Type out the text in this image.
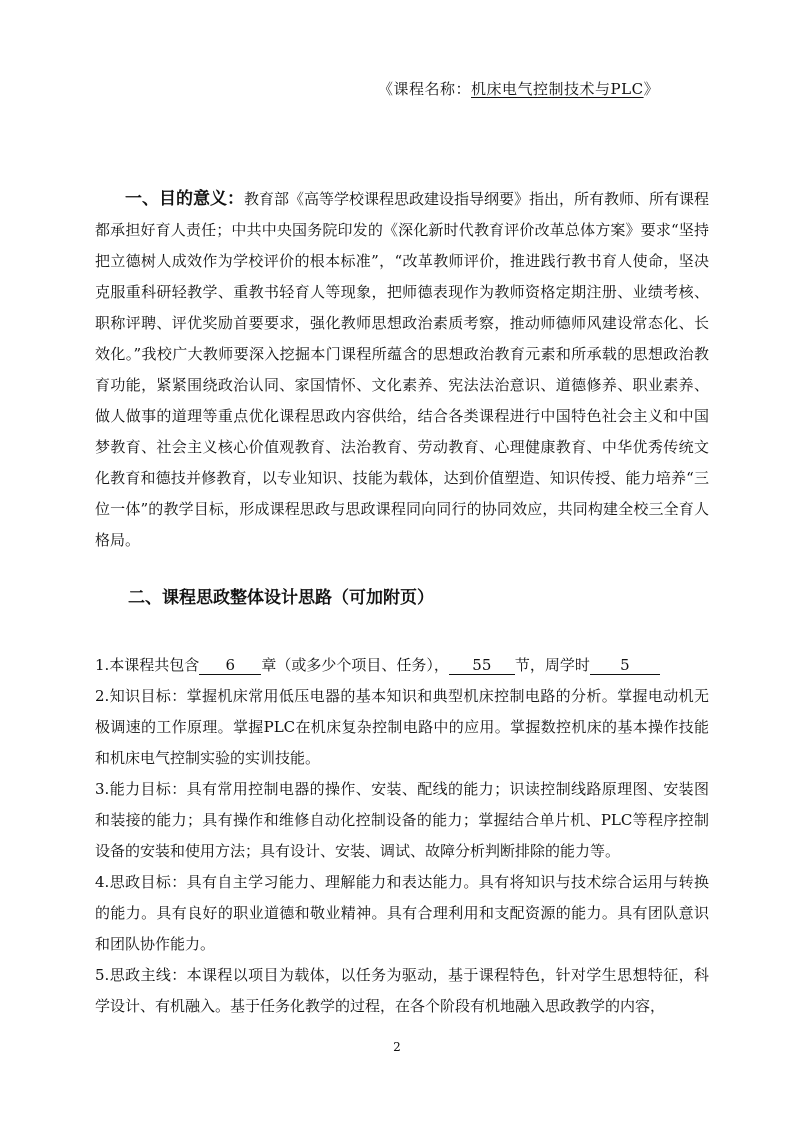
《课程名称：机床电气控制技术与PLC》
一、目的意义：教育部《高等学校课程思政建设指导纲要》指出，所有教师、所有课程都承担好育人责任；中共中央国务院印发的《深化新时代教育评价改革总体方案》要求“坚持把立德树人成效作为学校评价的根本标准”，“改革教师评价，推进践行教书育人使命，坚决克服重科研轻教学、重教书轻育人等现象，把师德表现作为教师资格定期注册、业绩考核、职称评聘、评优奖励首要要求，强化教师思想政治素质考察，推动师德师风建设常态化、长效化。”我校广大教师要深入挖掘本门课程所蕴含的思想政治教育元素和所承载的思想政治教育功能，紧紧围绕政治认同、家国情怀、文化素养、宪法法治意识、道德修养、职业素养、做人做事的道理等重点优化课程思政内容供给，结合各类课程进行中国特色社会主义和中国梦教育、社会主义核心价值观教育、法治教育、劳动教育、心理健康教育、中华优秀传统文化教育和德技并修教育，以专业知识、技能为载体，达到价值塑造、知识传授、能力培养“三位一体”的教学目标，形成课程思政与思政课程同向同行的协同效应，共同构建全校三全育人格局。
二、课程思政整体设计思路（可加附页）

1.本课程共包含 6 章（或多少个项目、任务）， 55 节，周学时 5

2.知识目标：掌握机床常用低压电器的基本知识和典型机床控制电路的分析。掌握电动机无极调速的工作原理。掌握PLC在机床复杂控制电路中的应用。掌握数控机床的基本操作技能和机床电气控制实验的实训技能。

3.能力目标：具有常用控制电器的操作、安装、配线的能力；识读控制线路原理图、安装图和装接的能力；具有操作和维修自动化控制设备的能力；掌握结合单片机、PLC等程序控制设备的安装和使用方法；具有设计、安装、调试、故障分析判断排除的能力等。

4.思政目标：具有自主学习能力、理解能力和表达能力。具有将知识与技术综合运用与转换的能力。具有良好的职业道德和敬业精神。具有合理利用和支配资源的能力。具有团队意识和团队协作能力。

5.思政主线：本课程以项目为载体，以任务为驱动，基于课程特色，针对学生思想特征，科学设计、有机融入。基于任务化教学的过程，在各个阶段有机地融入思政教学的内容，

2
